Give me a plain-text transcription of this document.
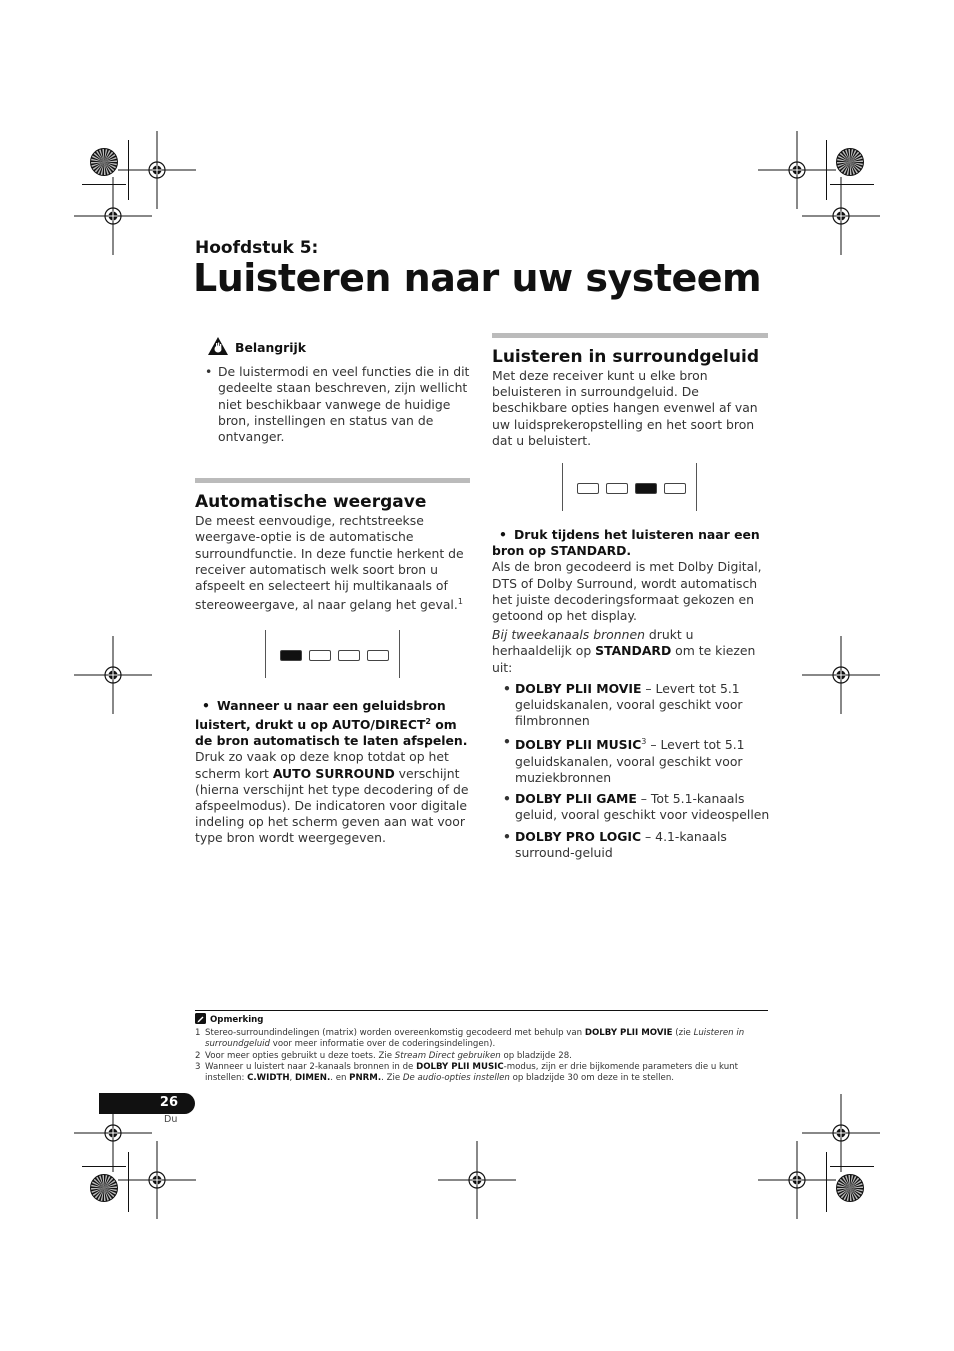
Hoofdstuk 5:
Luisteren naar uw systeem
Belangrijk
• De luistermodi en veel functies die in dit gedeelte staan beschreven, zijn wellicht niet beschikbaar vanwege de huidige bron, instellingen en status van de ontvanger.
Automatische weergave

De meest eenvoudige, rechtstreekse weergave-optie is de automatische surroundfunctie. In deze functie herkent de receiver automatisch welk soort bron u afspeelt en selecteert hij multikanaals of stereoweergave, al naar gelang het geval.$^1$

• Wanneer u naar een geluidsbron luistert, drukt u op AUTO/DIRECT$^2$ om de bron automatisch te laten afspelen.

Druk zo vaak op deze knop totdat op het scherm kort AUTO SURROUND verschijnt (hierna verschijnt het type decodering of de afspeelmodus). De indicatoren voor digitale indeling op het scherm geven aan wat voor type bron wordt weergegeven.

Luisteren in surroundgeluid

Met deze receiver kunt u elke bron beluisteren in surroundgeluid. De beschikbare opties hangen evenwel af van uw luidsprekeropstelling en het soort bron dat u beluistert.

• Druk tijdens het luisteren naar een bron op STANDARD.

Als de bron gecodeerd is met Dolby Digital, DTS of Dolby Surround, wordt automatisch het juiste decoderingsformaat gekozen en getoond op het display.

Bij tweekanaals bronnen drukt u herhaaldelijk op STANDARD om te kiezen uit:

• DOLBY PLII MOVIE – Levert tot 5.1 geluidskanalen, vooral geschikt voor filmbronnen
• DOLBY PLII MUSIC$^3$ – Levert tot 5.1 geluidskanalen, vooral geschikt voor muziekbronnen
• DOLBY PLII GAME – Tot 5.1-kanaals geluid, vooral geschikt voor videospellen
• DOLBY PRO LOGIC – 4.1-kanaals surround-geluid
Opmerking
1 Stereo-surroundindelingen (matrix) worden overeenkomstig gecodeerd met behulp van DOLBY PLII MOVIE (zie Luisteren in surroundgeluid voor meer informatie over de coderingsindelingen).
2 Voor meer opties gebruikt u deze toets. Zie Stream Direct gebruiken op bladzijde 28.
3 Wanneer u luistert naar 2-kanaals bronnen in de DOLBY PLII MUSIC-modus, zijn er drie bijkomende parameters die u kunt instellen: C.WIDTH, DIMEN.. en PNRM.. Zie De audio-opties instellen op bladzijde 30 om deze in te stellen.
26
Du
